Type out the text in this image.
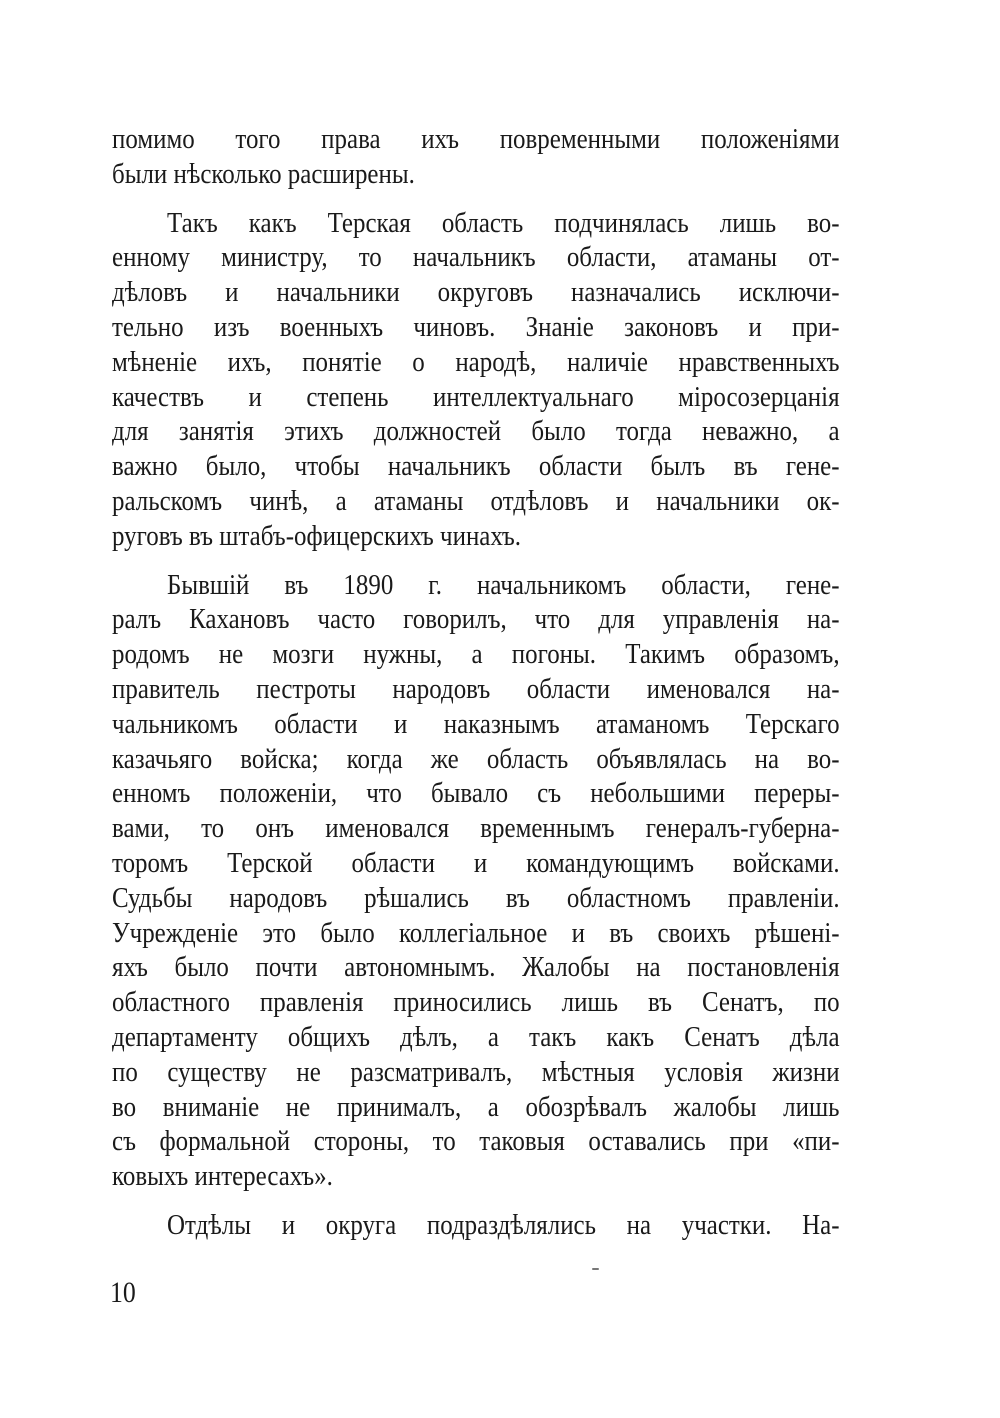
помимо того права ихъ повременными положеніями
были нѣсколько расширены.
Такъ какъ Терская область подчинялась лишь во-
енному министру, то начальникъ области, атаманы от-
дѣловъ и начальники округовъ назначались исключи-
тельно изъ военныхъ чиновъ. Знаніе законовъ и при-
мѣненіе ихъ, понятіе о народѣ, наличіе нравственныхъ
качествъ и степень интеллектуальнаго міросозерцанія
для занятія этихъ должностей было тогда неважно, а
важно было, чтобы начальникъ области былъ въ гене-
ральскомъ чинѣ, а атаманы отдѣловъ и начальники ок-
руговъ въ штабъ-офицерскихъ чинахъ.
Бывшій въ 1890 г. начальникомъ области, гене-
ралъ Кахановъ часто говорилъ, что для управленія на-
родомъ не мозги нужны, а погоны. Такимъ образомъ,
правитель пестроты народовъ области именовался на-
чальникомъ области и наказнымъ атаманомъ Терскаго
казачьяго войска; когда же область объявлялась на во-
енномъ положеніи, что бывало съ небольшими переры-
вами, то онъ именовался временнымъ генералъ-губерна-
торомъ Терской области и командующимъ войсками.
Судьбы народовъ рѣшались въ областномъ правленіи.
Учрежденіе это было коллегіальное и въ своихъ рѣшені-
яхъ было почти автономнымъ. Жалобы на постановленія
областного правленія приносились лишь въ Сенатъ, по
департаменту общихъ дѣлъ, а такъ какъ Сенатъ дѣла
по существу не разсматривалъ, мѣстныя условія жизни
во вниманіе не принималъ, а обозрѣвалъ жалобы лишь
съ формальной стороны, то таковыя оставались при «пи-
ковыхъ интересахъ».
Отдѣлы и округа подраздѣлялись на участки. На-
10
